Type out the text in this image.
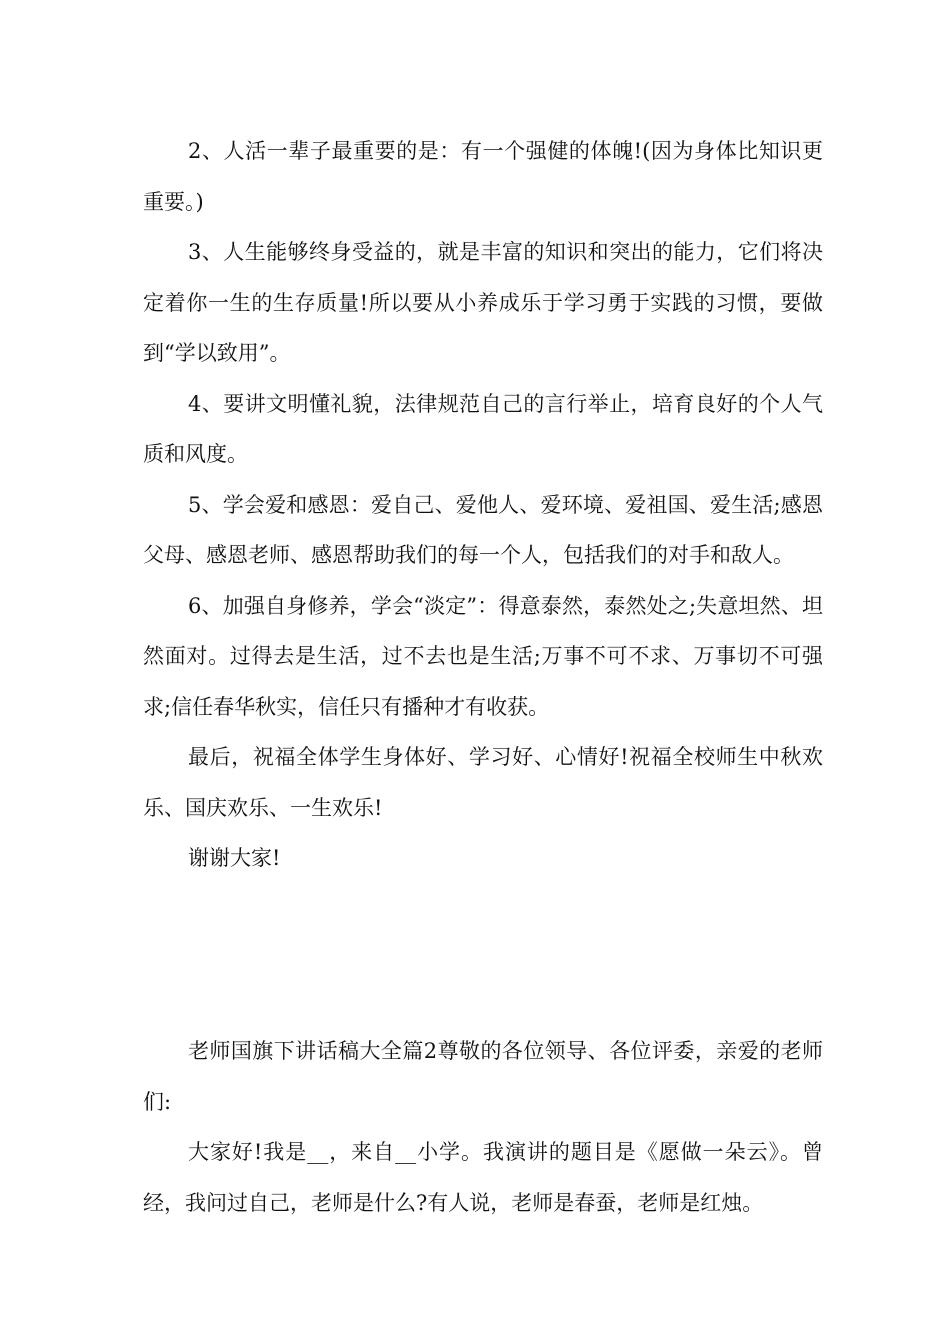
2、人活一辈子最重要的是：有一个强健的体魄!(因为身体比知识更重要。)

3、人生能够终身受益的，就是丰富的知识和突出的能力，它们将决定着你一生的生存质量!所以要从小养成乐于学习勇于实践的习惯，要做到“学以致用”。

4、要讲文明懂礼貌，法律规范自己的言行举止，培育良好的个人气质和风度。

5、学会爱和感恩：爱自己、爱他人、爱环境、爱祖国、爱生活;感恩父母、感恩老师、感恩帮助我们的每一个人，包括我们的对手和敌人。

6、加强自身修养，学会“淡定”：得意泰然，泰然处之;失意坦然、坦然面对。过得去是生活，过不去也是生活;万事不可不求、万事切不可强求;信任春华秋实，信任只有播种才有收获。

最后，祝福全体学生身体好、学习好、心情好!祝福全校师生中秋欢乐、国庆欢乐、一生欢乐!

谢谢大家!

老师国旗下讲话稿大全篇2尊敬的各位领导、各位评委，亲爱的老师们:

大家好!我是__，来自__小学。我演讲的题目是《愿做一朵云》。曾经，我问过自己，老师是什么?有人说，老师是春蚕，老师是红烛。
